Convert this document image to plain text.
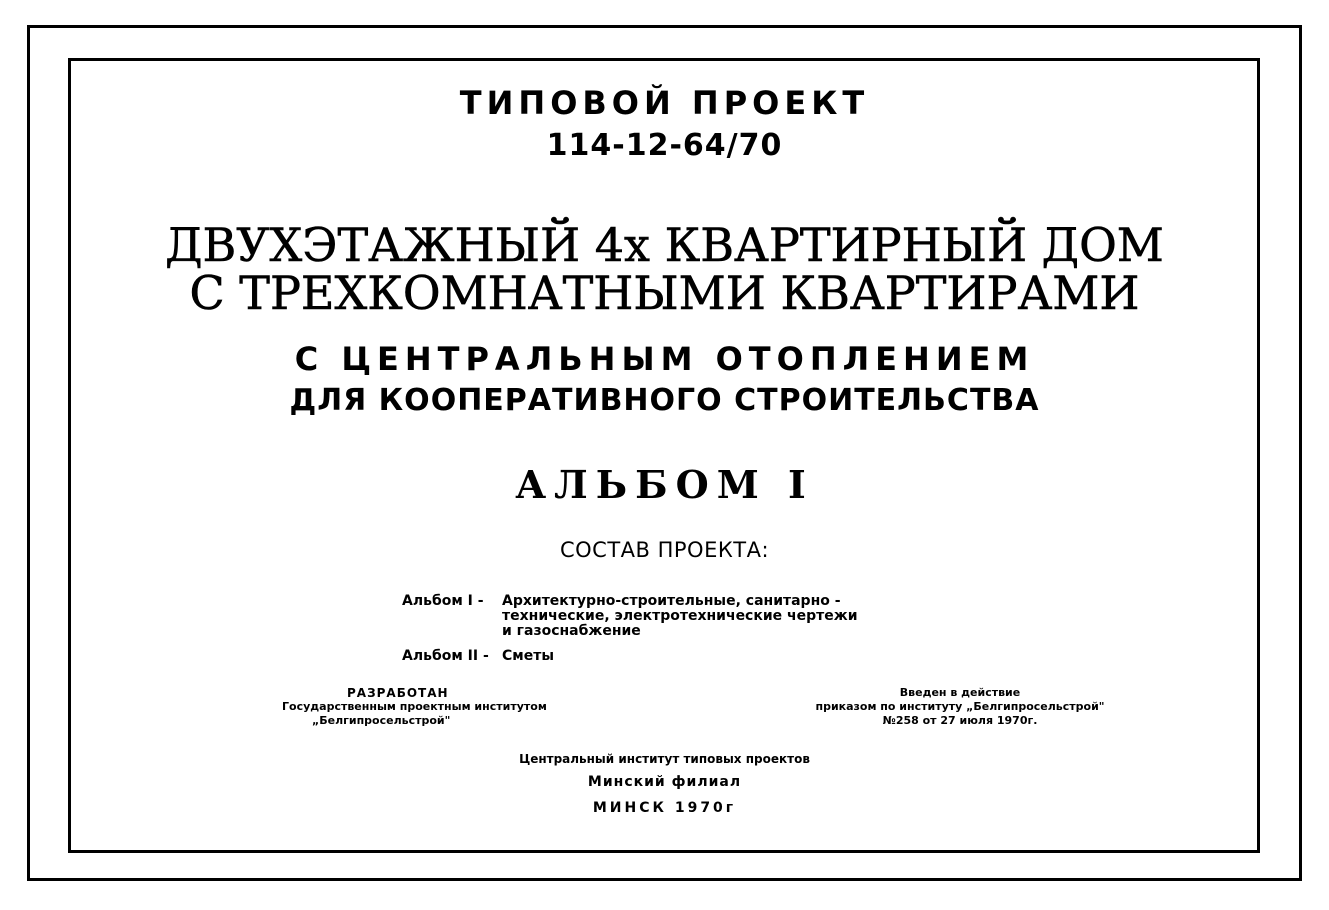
ТИПОВОЙ ПРОЕКТ
114-12-64/70
ДВУХЭТАЖНЫЙ 4х КВАРТИРНЫЙ ДОМ
С ТРЕХКОМНАТНЫМИ КВАРТИРАМИ
С ЦЕНТРАЛЬНЫМ ОТОПЛЕНИЕМ
ДЛЯ КООПЕРАТИВНОГО СТРОИТЕЛЬСТВА
АЛЬБОМ I
СОСТАВ ПРОЕКТА:
Альбом I -	Архитектурно-строительные, санитарно -
технические, электротехнические чертежи
и газоснабжение
Альбом II - Сметы
РАЗРАБОТАН
Государственным проектным институтом
„Белгипросельстрой"
Введен в действие
приказом по институту „Белгипросельстрой"
№258 от 27 июля 1970г.
Центральный институт типовых проектов
Минский филиал
МИНСК 1970г
